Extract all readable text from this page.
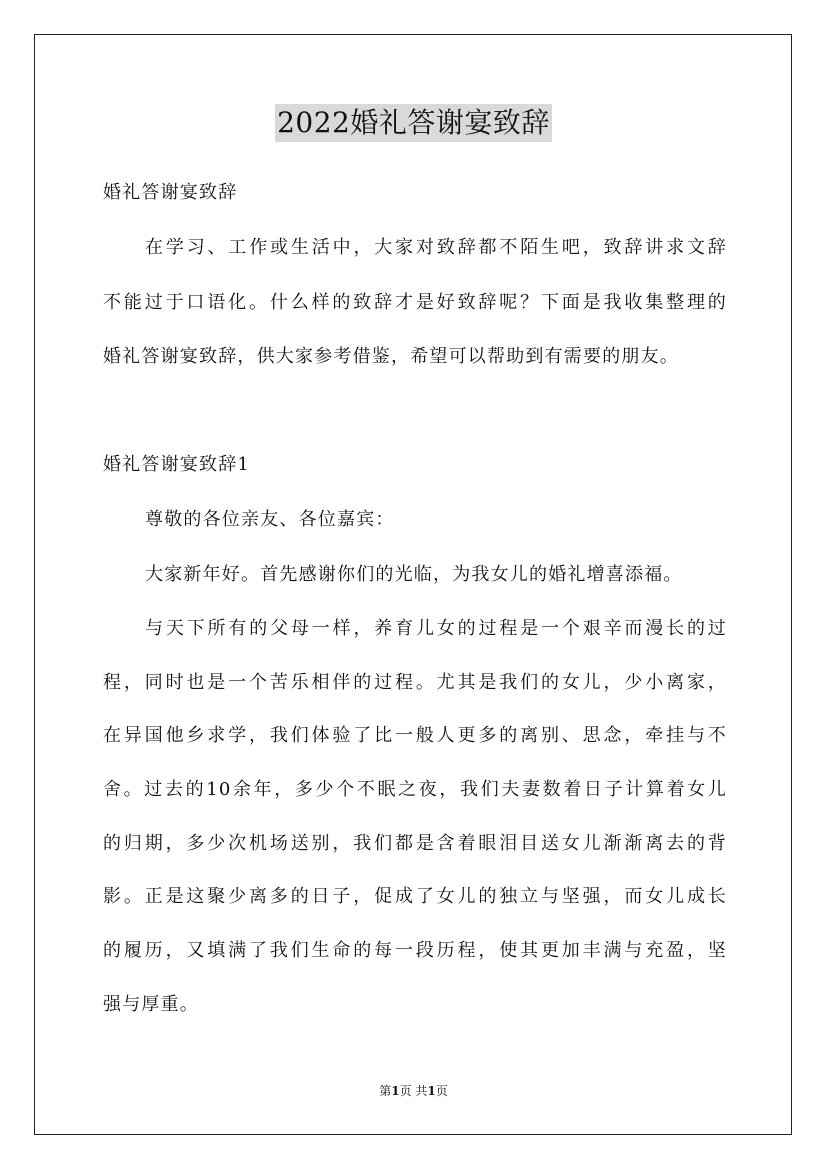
2022婚礼答谢宴致辞
婚礼答谢宴致辞
在学习、工作或生活中，大家对致辞都不陌生吧，致辞讲求文辞
不能过于口语化。什么样的致辞才是好致辞呢？下面是我收集整理的
婚礼答谢宴致辞，供大家参考借鉴，希望可以帮助到有需要的朋友。
婚礼答谢宴致辞1
尊敬的各位亲友、各位嘉宾：
大家新年好。首先感谢你们的光临，为我女儿的婚礼增喜添福。
与天下所有的父母一样，养育儿女的过程是一个艰辛而漫长的过
程，同时也是一个苦乐相伴的过程。尤其是我们的女儿，少小离家，
在异国他乡求学，我们体验了比一般人更多的离别、思念，牵挂与不
舍。过去的10余年，多少个不眠之夜，我们夫妻数着日子计算着女儿
的归期，多少次机场送别，我们都是含着眼泪目送女儿渐渐离去的背
影。正是这聚少离多的日子，促成了女儿的独立与坚强，而女儿成长
的履历，又填满了我们生命的每一段历程，使其更加丰满与充盈，坚
强与厚重。
第1页 共1页
